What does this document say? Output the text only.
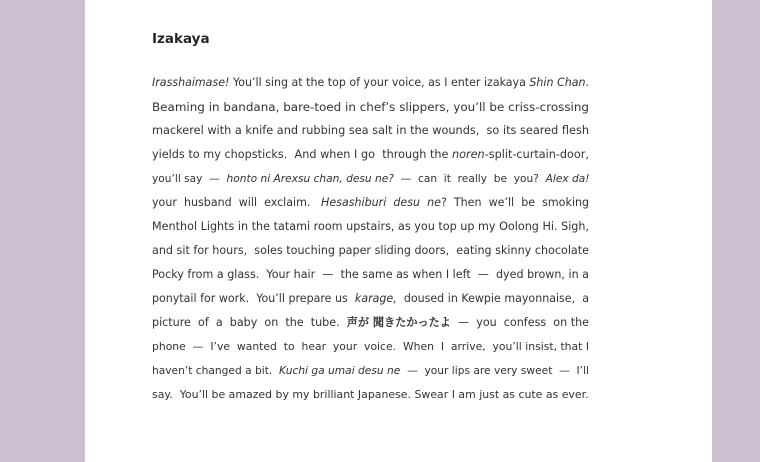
Izakaya
Irasshaimase! You’ll sing at the top of your voice, as I enter izakaya Shin Chan.
Beaming in bandana, bare-toed in chef’s slippers, you’ll be criss-crossing
mackerel with a knife and rubbing sea salt in the wounds,  so its seared flesh
yields to my chopsticks.  And when I go  through the noren-split-curtain-door,
you’ll say  —  honto ni Arexsu chan, desu ne?  —  can  it  really  be  you?  Alex da!
your  husband  will  exclaim.   Hesashiburi  desu  ne?  Then  we’ll  be  smoking
Menthol Lights in the tatami room upstairs, as you top up my Oolong Hi. Sigh,
and sit for hours,  soles touching paper sliding doors,  eating skinny chocolate
Pocky from a glass.  Your hair  —  the same as when I left  —  dyed brown, in a
ponytail for work.  You’ll prepare us  karage,  doused in Kewpie mayonnaise,  a
picture  of  a  baby  on  the  tube.  声が 聞きたかったよ  —  you  confess  on the
phone  —  I’ve  wanted  to  hear  your  voice.  When  I  arrive,  you’ll insist, that I
haven’t changed a bit.  Kuchi ga umai desu ne  —  your lips are very sweet  —  I’ll
say.  You’ll be amazed by my brilliant Japanese. Swear I am just as cute as ever.
